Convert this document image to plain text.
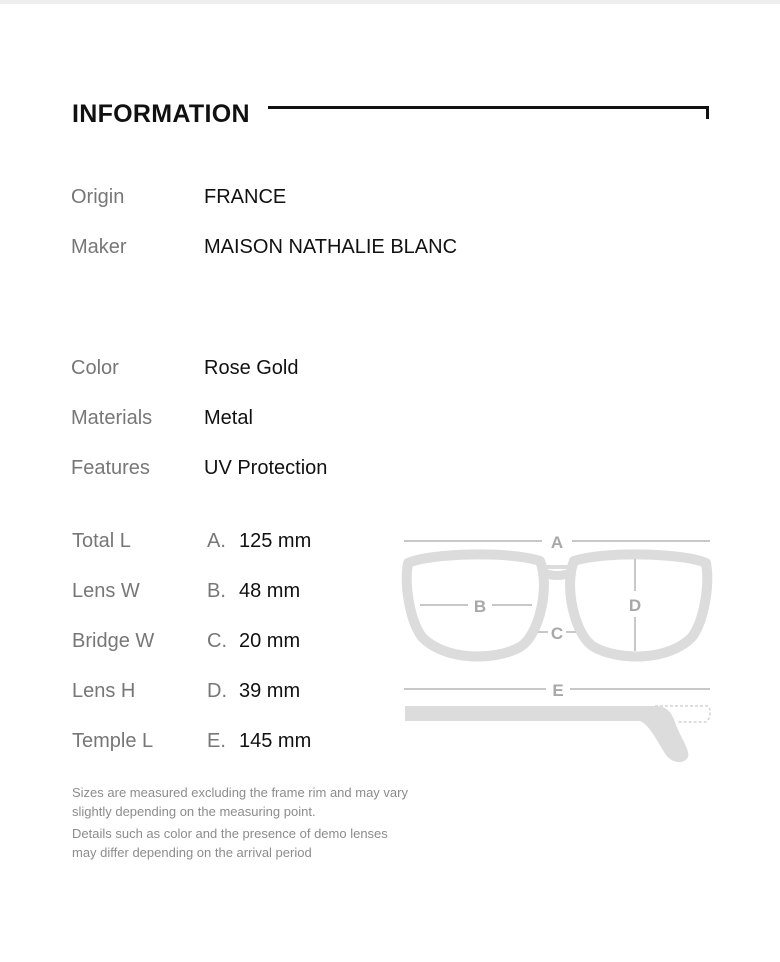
INFORMATION
Origin	FRANCE
Maker	MAISON NATHALIE BLANC
Color	Rose Gold
Materials	Metal
Features	UV Protection
Total L	A. 125 mm
Lens W	B. 48 mm
Bridge W	C. 20 mm
Lens H	D. 39 mm
Temple L	E. 145 mm
A
B
C
D
E

Sizes are measured excluding the frame rim and may vary slightly depending on the measuring point.

Details such as color and the presence of demo lenses may differ depending on the arrival period
